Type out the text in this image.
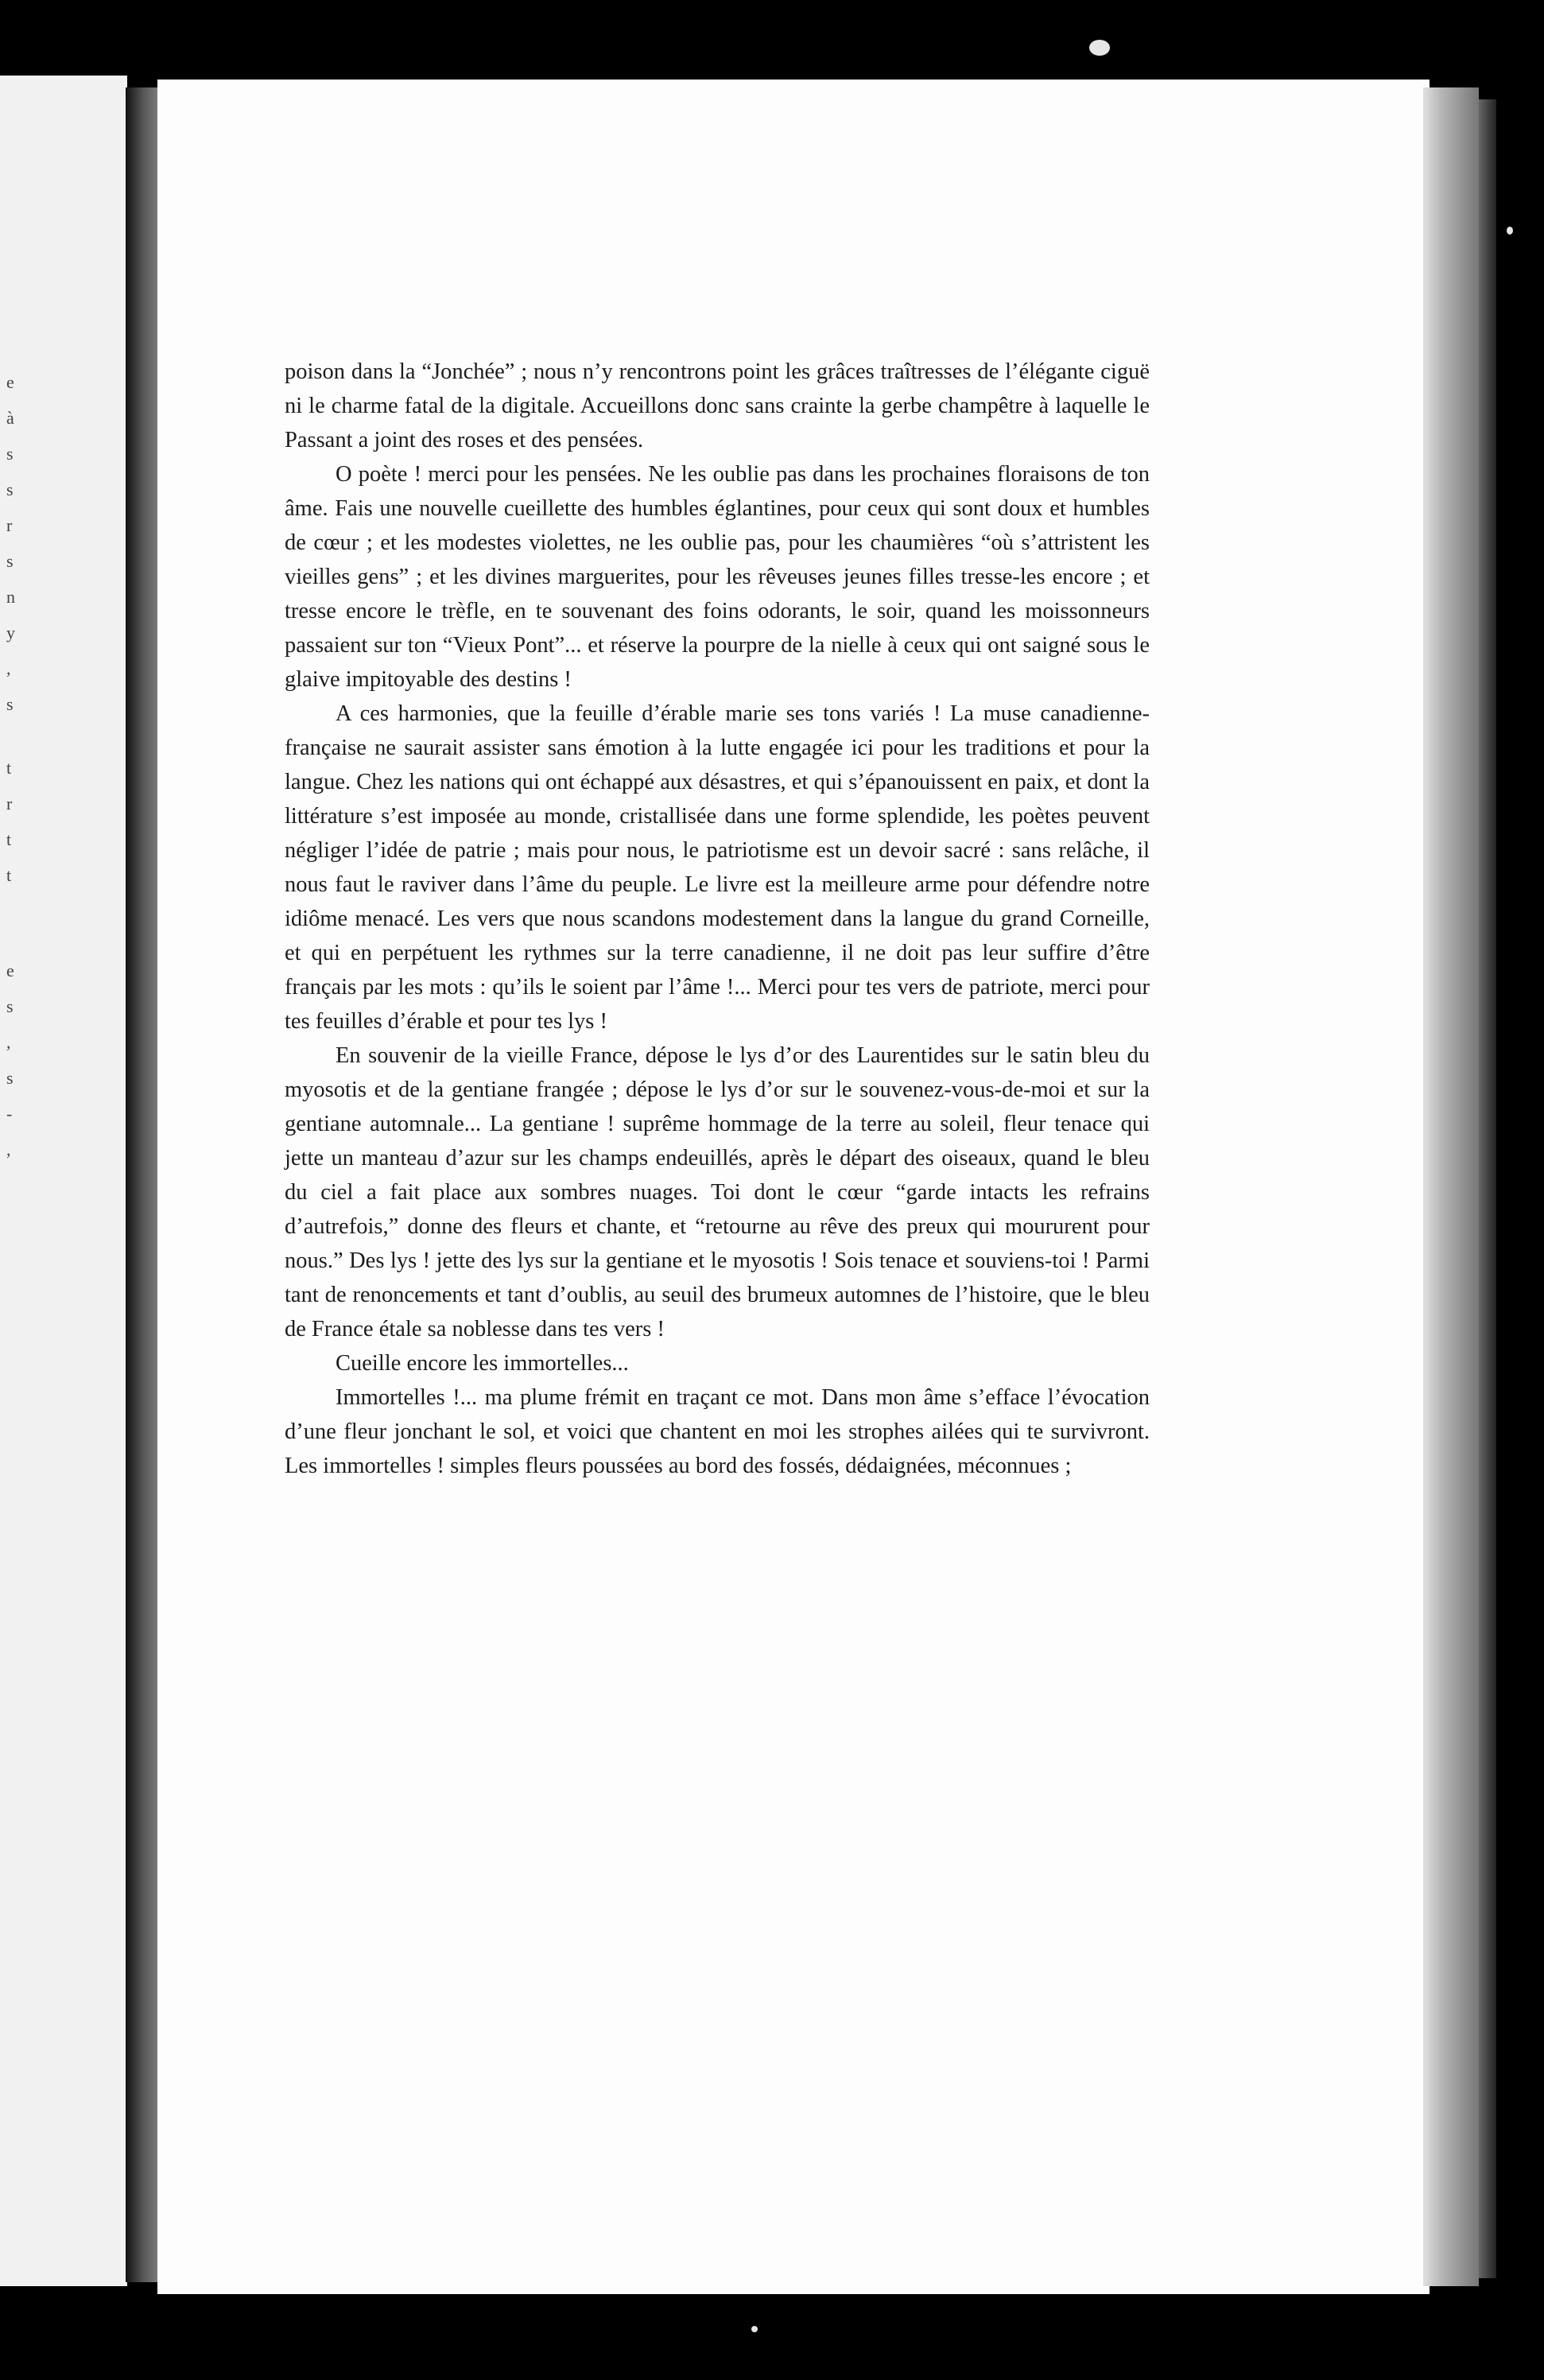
e
à
s
s
r
s
n
y
,
s
t
r
t
t
e
s
,
s
-
,

poison dans la “Jonchée” ; nous n’y rencontrons point les grâces traîtresses de l’élégante ciguë ni le charme fatal de la digitale. Accueillons donc sans crainte la gerbe champêtre à laquelle le Passant a joint des roses et des pensées.

O poète ! merci pour les pensées. Ne les oublie pas dans les prochaines floraisons de ton âme. Fais une nouvelle cueillette des humbles églantines, pour ceux qui sont doux et humbles de cœur ; et les modestes violettes, ne les oublie pas, pour les chaumières “où s’attristent les vieilles gens” ; et les divines marguerites, pour les rêveuses jeunes filles tresse-les encore ; et tresse encore le trèfle, en te souvenant des foins odorants, le soir, quand les moissonneurs passaient sur ton “Vieux Pont”... et réserve la pourpre de la nielle à ceux qui ont saigné sous le glaive impitoyable des destins !

A ces harmonies, que la feuille d’érable marie ses tons variés ! La muse canadienne-française ne saurait assister sans émotion à la lutte engagée ici pour les traditions et pour la langue. Chez les nations qui ont échappé aux désastres, et qui s’épanouissent en paix, et dont la littérature s’est imposée au monde, cristallisée dans une forme splendide, les poètes peuvent négliger l’idée de patrie ; mais pour nous, le patriotisme est un devoir sacré : sans relâche, il nous faut le raviver dans l’âme du peuple. Le livre est la meilleure arme pour défendre notre idiôme menacé. Les vers que nous scandons modestement dans la langue du grand Corneille, et qui en perpétuent les rythmes sur la terre canadienne, il ne doit pas leur suffire d’être français par les mots : qu’ils le soient par l’âme !... Merci pour tes vers de patriote, merci pour tes feuilles d’érable et pour tes lys !

En souvenir de la vieille France, dépose le lys d’or des Laurentides sur le satin bleu du myosotis et de la gentiane frangée ; dépose le lys d’or sur le souvenez-vous-de-moi et sur la gentiane automnale... La gentiane ! suprême hommage de la terre au soleil, fleur tenace qui jette un manteau d’azur sur les champs endeuillés, après le départ des oiseaux, quand le bleu du ciel a fait place aux sombres nuages. Toi dont le cœur “garde intacts les refrains d’autrefois,” donne des fleurs et chante, et “retourne au rêve des preux qui moururent pour nous.” Des lys ! jette des lys sur la gentiane et le myosotis ! Sois tenace et souviens-toi ! Parmi tant de renoncements et tant d’oublis, au seuil des brumeux automnes de l’histoire, que le bleu de France étale sa noblesse dans tes vers !

Cueille encore les immortelles...

Immortelles !... ma plume frémit en traçant ce mot. Dans mon âme s’efface l’évocation d’une fleur jonchant le sol, et voici que chantent en moi les strophes ailées qui te survivront. Les immortelles ! simples fleurs poussées au bord des fossés, dédaignées, méconnues ;
